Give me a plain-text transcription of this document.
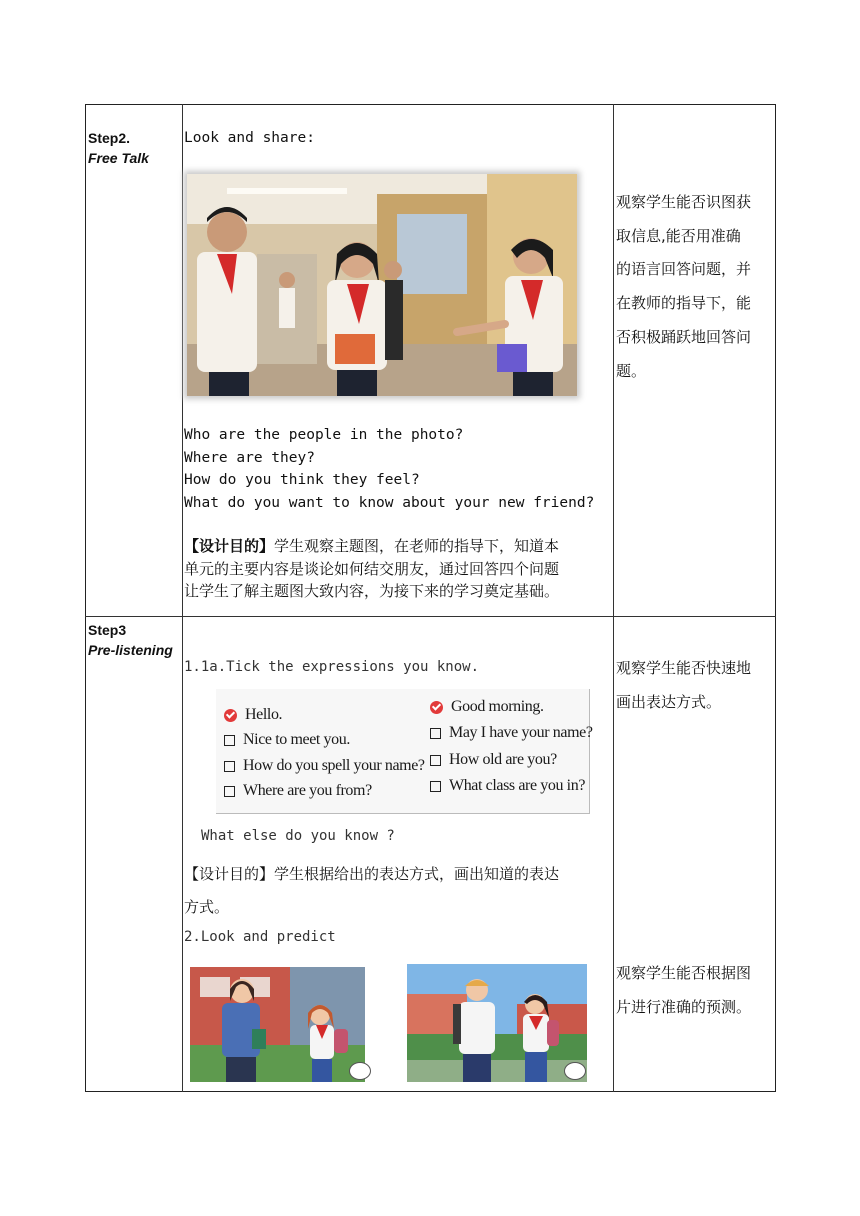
Step2.
Free Talk
Step3
Pre-listening
Look and share:
Who are the people in the photo?
Where are they?
How do you think they feel?
What do you want to know about your new friend?
【设计目的】学生观察主题图，在老师的指导下，知道本
单元的主要内容是谈论如何结交朋友，通过回答四个问题
让学生了解主题图大致内容，为接下来的学习奠定基础。
观察学生能否识图获
取信息,能否用准确
的语言回答问题，并
在教师的指导下，能
否积极踊跃地回答问
题。
1.1a.Tick the expressions you know.
Hello.
Nice to meet you.
How do you spell your name?
Where are you from?
Good morning.
May I have your name?
How old are you?
What class are you in?
What else do you know ?
【设计目的】学生根据给出的表达方式，画出知道的表达
方式。
2.Look and predict
观察学生能否快速地
画出表达方式。
观察学生能否根据图
片进行准确的预测。
